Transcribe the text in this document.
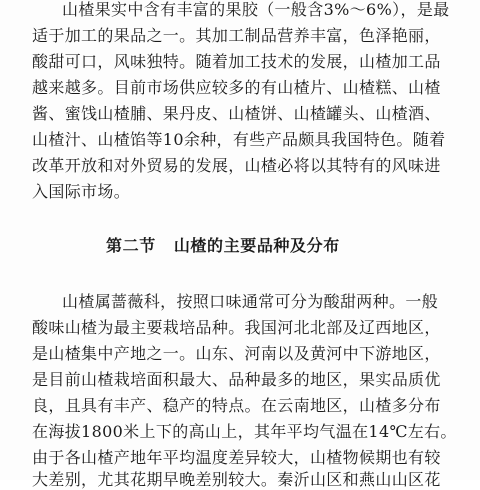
山楂果实中含有丰富的果胶（一般含3%～6%），是最
适于加工的果品之一。其加工制品营养丰富，色泽艳丽，
酸甜可口，风味独特。随着加工技术的发展，山楂加工品
越来越多。目前市场供应较多的有山楂片、山楂糕、山楂
酱、蜜饯山楂脯、果丹皮、山楂饼、山楂罐头、山楂酒、
山楂汁、山楂馅等10余种，有些产品颇具我国特色。随着
改革开放和对外贸易的发展，山楂必将以其特有的风味进
入国际市场。
第二节 山楂的主要品种及分布
山楂属蔷薇科，按照口味通常可分为酸甜两种。一般
酸味山楂为最主要栽培品种。我国河北北部及辽西地区，
是山楂集中产地之一。山东、河南以及黄河中下游地区，
是目前山楂栽培面积最大、品种最多的地区，果实品质优
良，且具有丰产、稳产的特点。在云南地区，山楂多分布
在海拔1800米上下的高山上，其年平均气温在14℃左右。
由于各山楂产地年平均温度差异较大，山楂物候期也有较
大差别，尤其花期早晚差别较大。秦沂山区和燕山山区花
